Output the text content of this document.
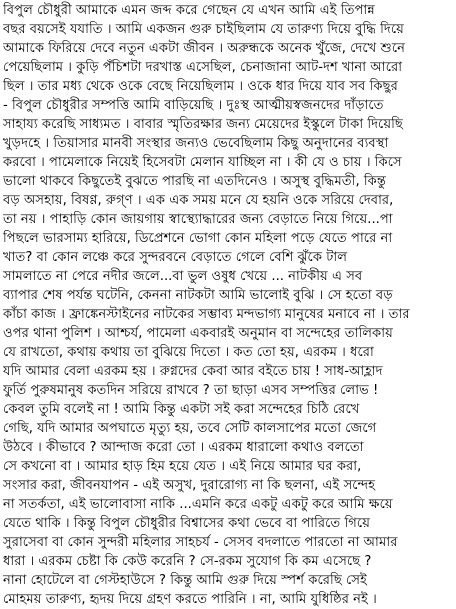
বিপুল চৌধুরী আমাকে এমন জব্দ করে গেছেন যে এখন আমি এই তিপান্ন
বছর বয়সেই যযাতি । আমি একজন গুরু চাইছিলাম যে তারুণ্য দিয়ে বুদ্ধি দিয়ে
আমাকে ফিরিয়ে দেবে নতুন একটা জীবন । অরুন্ধকে অনেক খুঁজে, দেখে শুনে
পেয়েছিলাম । কুড়ি পঁচিশটা দরখাস্ত এসেছিল, চেনাজানা আট-দশ খানা আরো
ছিল । তার মধ্য থেকে ওকে বেছে নিয়েছিলাম । ওকে ধার দিয়ে যাব সব কিছুর
- বিপুল চৌধুরীর সম্পত্তি আমি বাড়িয়েছি । দুঃস্থ আত্মীয়স্বজনদের দাঁড়াতে
সাহায্য করেছি সাধ্যমত । বাবার স্মৃতিরক্ষার জন্য মেয়েদের ইস্কুলে টাকা দিয়েছি
খুড়দহে । তিয়াসার মানবী সংস্থার জন্যও ভেবেছিলাম কিছু অনুদানের ব্যবস্থা
করবো । পামেলাকে নিয়েই হিসেবটা মেলান যাচ্ছিল না । কী যে ও চায় । কিসে
ভালো থাকবে কিছুতেই বুঝতে পারছি না এতদিনেও । অসুস্থ বুদ্ধিমতী, কিন্তু
বড় অসহায়, বিষণ্ণ, রুগ্ণ । এক এক সময় মনে যে হয়নি ওকে সরিয়ে দেবার,
তা নয় । পাহাড়ি কোন জায়গায় স্বাস্থ্যোদ্ধারের জন্য বেড়াতে নিয়ে গিয়ে...পা
পিছলে ভারসাম্য হারিয়ে, ডিপ্রেশনে ভোগা কোন মহিলা পড়ে যেতে পারে না
খাত? বা কোন লঞ্চে করে সুন্দরবনে বেড়াতে গেলে বেশি ঝুঁকে টাল
সামলাতে না পেরে নদীর জলে...বা ভুল ওষুধ খেয়ে ... নাটকীয় এ সব
ব্যাপার শেষ পর্যন্ত ঘটেনি, কেননা নাটকটা আমি ভালোই বুঝি । সে হতো বড়
কাঁচা কাজ । ফ্রাঙ্কেনস্টাইনের নাটকের সম্ভাব্য মন্দভাগ্য মানুষের মনাবে না । তার
ওপর থানা পুলিশ । আশ্চর্য, পামেলা একবারই অনুমান বা সন্দেহের তালিকায়
যে রাখতো, কথায় কথায় তা বুঝিয়ে দিতো । কত তো হয়, এরকম । ধরো
যদি আমার বেলা এরকম হয় । রুগ্নদের কেবা আর বইতে চায় ! সাধ-আহ্লাদ
ফুর্তি পুরুষমানুষ কতদিন সরিয়ে রাখবে ? তা ছাড়া এসব সম্পত্তির লোভ !
কেবল তুমি বলেই না ! আমি কিন্তু একটা সই করা সন্দেহের চিঠি রেখে
গেছি, যদি আমার অপঘাতে মৃত্যু হয়, তবে সেটি কালসাপের মতো জেগে
উঠবে । কীভাবে ? আন্দাজ করো তো । এরকম ধারালো কথাও বলতো
সে কখনো বা । আমার হাড় হিম হয়ে যেত । এই নিয়ে আমার ঘর করা,
সংসার করা, জীবনযাপন - এই অসুখ, দুরারোগ্য না কি ছলনা, এই সন্দেহ
না সতর্কতা, এই ভালোবাসা নাকি ...এমনি করে একটু একটু করে আমি ক্ষয়ে
যেতে থাকি । কিন্তু বিপুল চৌধুরীর বিশ্বাসের কথা ভেবে বা পারিতে গিয়ে
সুরাসেবা বা কোন সুন্দরী মহিলার সাহচর্য - সেসব বদলাতে পারতো না আমার
ধারা । এরকম চেষ্টা কি কেউ করেনি ? সে-রকম সুযোগ কি কম এসেছে ?
নানা হোটেলে বা গেস্টহাউসে ? কিন্তু আমি গুরু দিয়ে স্পর্শ করেছি সেই
মোহময় তারুণ্য, হৃদয় দিয়ে গ্রহণ করতে পারিনি । না, আমি যুধিষ্ঠির নই ।
